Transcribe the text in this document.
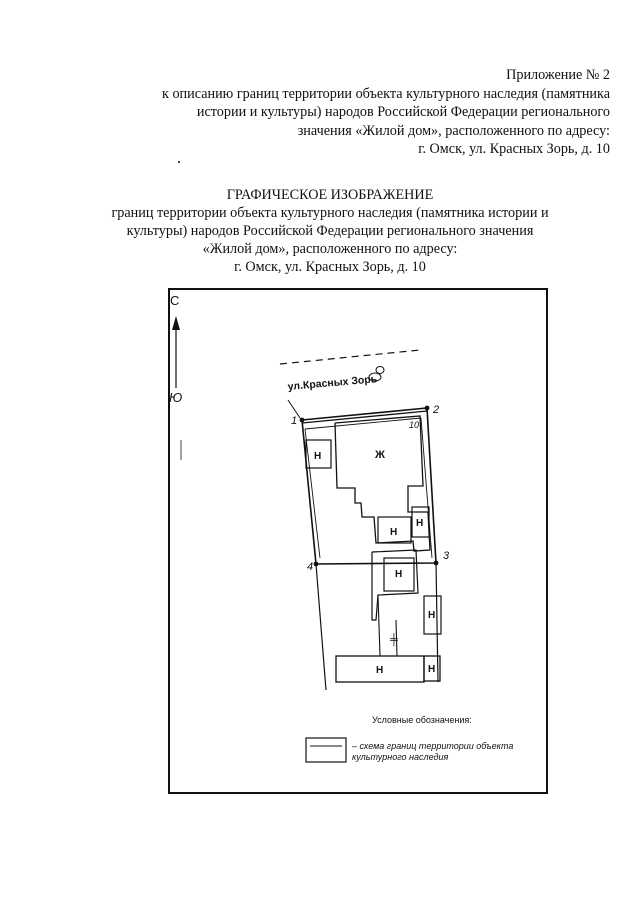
Приложение № 2
к описанию границ территории объекта культурного наследия (памятника
истории и культуры) народов Российской Федерации регионального
значения «Жилой дом», расположенного по адресу:
г. Омск, ул. Красных Зорь, д. 10
ГРАФИЧЕСКОЕ ИЗОБРАЖЕНИЕ
границ территории объекта культурного наследия (памятника истории и
культуры) народов Российской Федерации регионального значения
«Жилой дом», расположенного по адресу:
г. Омск, ул. Красных Зорь, д. 10
С
Ю
ул.Красных Зорь
1
2
3
4
10
Ж
Н
Н
Н
Н
Н
╪
Н	Н
Условные обозначения:
– схема границ территории объекта
культурного наследия
